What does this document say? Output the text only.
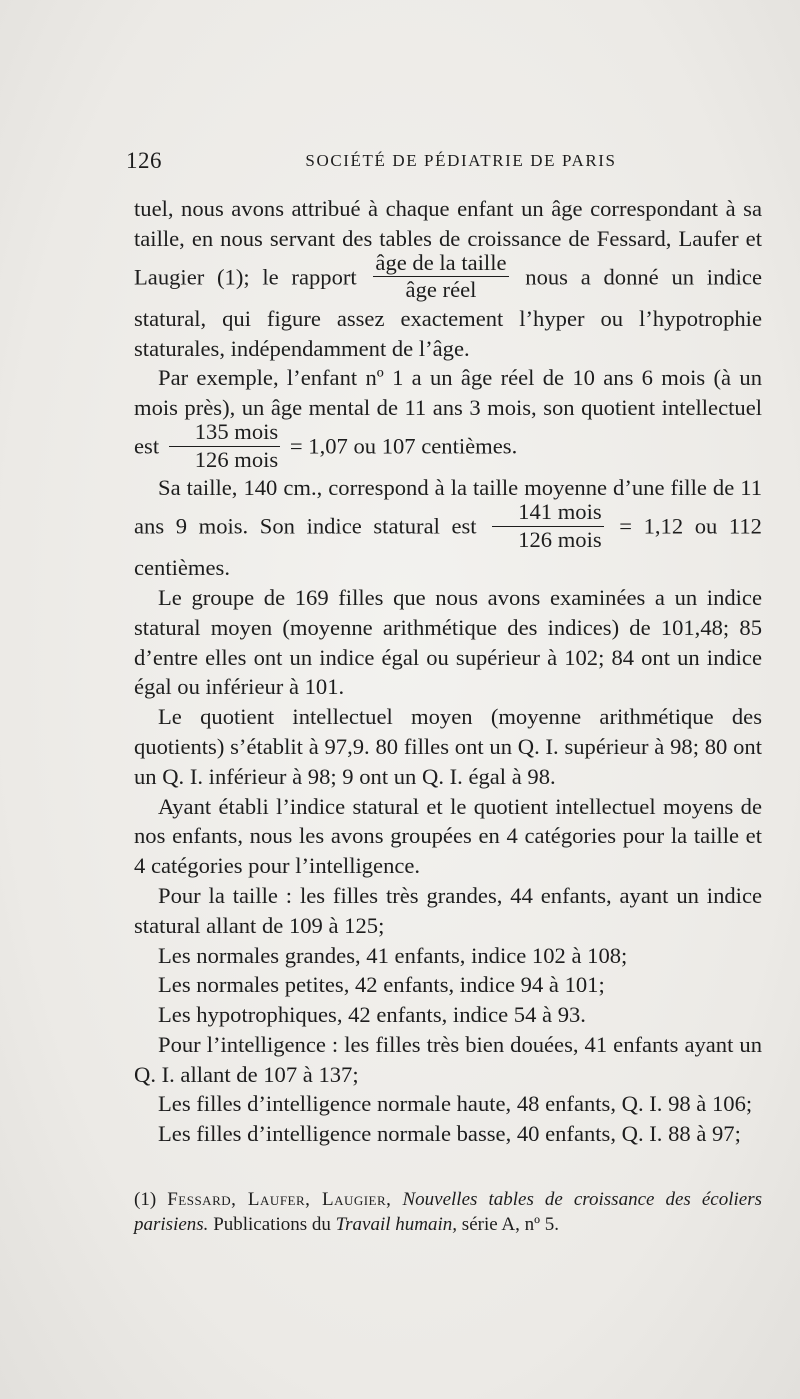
126	SOCIÉTÉ DE PÉDIATRIE DE PARIS

tuel, nous avons attribué à chaque enfant un âge correspondant à sa taille, en nous servant des tables de croissance de Fessard, Laufer et Laugier (1); le rapport $\frac{\text{âge de la taille}}{\text{âge réel}}$ nous a donné un indice statural, qui figure assez exactement l’hyper ou l’hypotrophie staturales, indépendamment de l’âge.

Par exemple, l’enfant nº 1 a un âge réel de 10 ans 6 mois (à un mois près), un âge mental de 11 ans 3 mois, son quotient intellectuel est $\frac{\text{135 mois}}{\text{126 mois}} = 1,07$ ou 107 centièmes.

Sa taille, 140 cm., correspond à la taille moyenne d’une fille de 11 ans 9 mois. Son indice statural est $\frac{\text{141 mois}}{\text{126 mois}} = 1,12$ ou 112 centièmes.

Le groupe de 169 filles que nous avons examinées a un indice statural moyen (moyenne arithmétique des indices) de 101,48; 85 d’entre elles ont un indice égal ou supérieur à 102; 84 ont un indice égal ou inférieur à 101.

Le quotient intellectuel moyen (moyenne arithmétique des quotients) s’établit à 97,9. 80 filles ont un Q. I. supérieur à 98; 80 ont un Q. I. inférieur à 98; 9 ont un Q. I. égal à 98.

Ayant établi l’indice statural et le quotient intellectuel moyens de nos enfants, nous les avons groupées en 4 catégories pour la taille et 4 catégories pour l’intelligence.

Pour la taille : les filles très grandes, 44 enfants, ayant un indice statural allant de 109 à 125;

Les normales grandes, 41 enfants, indice 102 à 108;

Les normales petites, 42 enfants, indice 94 à 101;

Les hypotrophiques, 42 enfants, indice 54 à 93.

Pour l’intelligence : les filles très bien douées, 41 enfants ayant un Q. I. allant de 107 à 137;

Les filles d’intelligence normale haute, 48 enfants, Q. I. 98 à 106;

Les filles d’intelligence normale basse, 40 enfants, Q. I. 88 à 97;

(1) Fessard, Laufer, Laugier, Nouvelles tables de croissance des écoliers parisiens. Publications du Travail humain, série A, nº 5.
